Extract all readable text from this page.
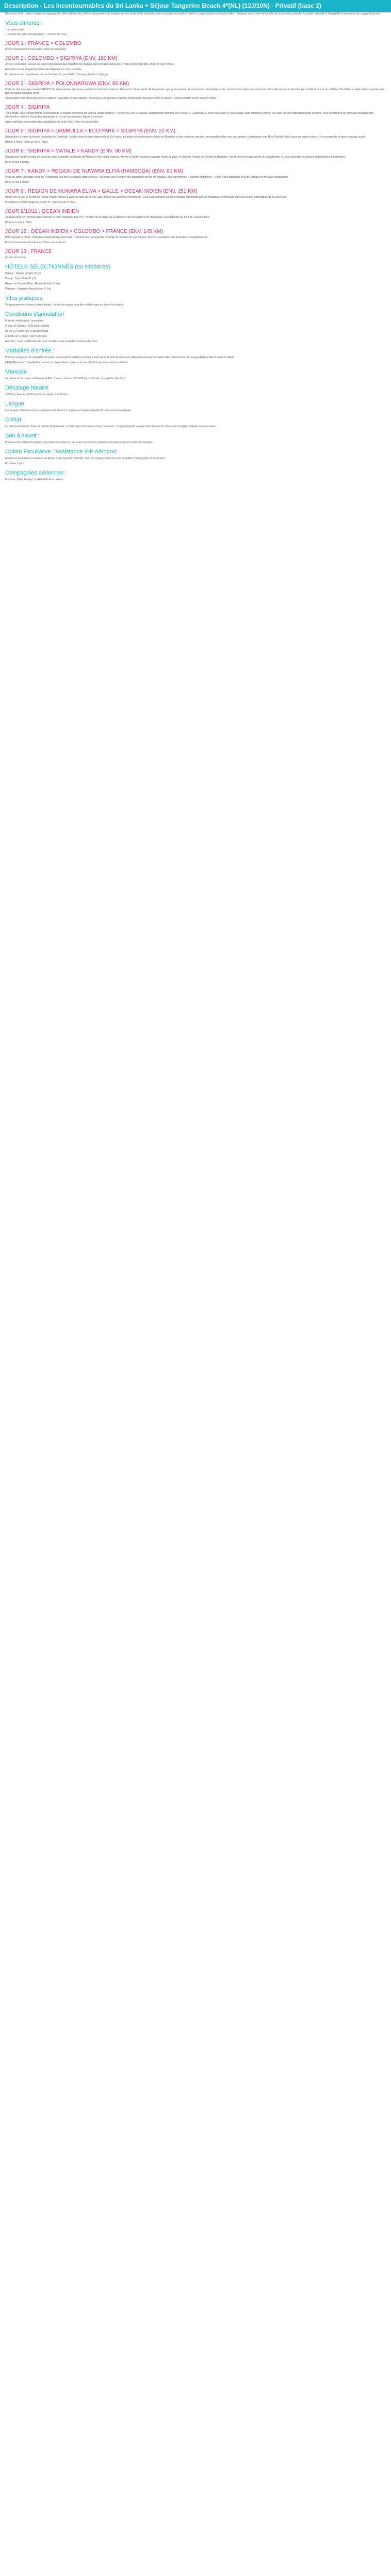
Description - Les incontournables du Sri Lanka + Séjour Tangerine Beach 4*(NL) (12J/10N) - Privatif (base 2)

Découvrez le Sri Lanka à travers un paysage de salles fraîche, des collines verdoyantes, de temples anciens et de forêts tropicales, une escapade incroyable à travers ce joyau tropical de l'océan Indien. Préparez-vous à être émerveillé par la richesse culturelle, la beauté naturelle et l'hospitalité chaleureuse de ce pays fascinant.

Vous aimerez :
- Le safari à Yala
- La visite des villes remarquables : « Rocher du Lion »
JOUR 1 : FRANCE > COLOMBO

Envol à destination du Sri Lanka. Dîner et nuit à bord.

JOUR 2 : COLOMBO > SIGIRIYA (ENV. 180 KM)

Arrivée à Colombo, accueil par votre représentant puis transfert vers Sigiriya (3h de route). Déjeuner à l'hôtel. Après-midi libre. Dîner et nuit à l'hôtel.

Exception et une supplément d'un petit déjeuner en cours de route.

En option et avec supplément en cas d'arrivée tôt, possibilité d'un early check-in à Sigiriya.

JOUR 3 - SIGIRIYA > POLONNARUWA (ENV. 60 KM)

Visite du site historique classé UNESCO de Polonnaruwa, deuxième capitale du Sri Lanka entre le 11ème et le 13ème siècle. Polonnaruwa regorge de statues, de monuments, de temples et de constructions religieuses anciennes. Vous découvrirez la Quadrangle, le Gal Vihara et ses célèbres Bouddhas sculptés dans le granit, ainsi que les ruines du palais royal.

Continuation vers Minneriya pour un safari en jeep dans le parc national, connu pour ses grands troupeaux d'éléphants sauvages (selon la saison). Retour à l'hôtel. Dîner et nuit à l'hôtel.

JOUR 4 : SIGIRIYA

Tôt le matin, vous entreprendrez l'ascension de la célèbre forteresse de Sigiriya (aussi nommée « Rocher du Lion »), classée au patrimoine mondial de l'UNESCO. Construite au 5ème siècle par le roi Kassapa, cette forteresse est l'un des sites les plus impressionnants du pays. Vous découvrirez les fameuses fresques des demoiselles célestes, les jardins aquatiques et la vue panoramique depuis le sommet.

Après-midi libre pour profiter des installations de votre hôtel. Dîner et nuit à l'hôtel.

JOUR 5 : SIGIRIYA > DAMBULLA > ECO PARK > SIGIRIYA (ENV. 20 KM)

Départ pour la visite du temple troglodyte de Dambulla, l'un des sites les plus importants du Sri Lanka, qui abrite de nombreuses statues de Bouddha et des peintures murales remarquables dans ses cinq grottes. Continuation vers l'Eco Park de Hurulu pour un safari en jeep à la rencontre de la faune sauvage locale.

Retour à l'hôtel. Dîner et nuit à l'hôtel.

JOUR 6 : SIGIRIYA > MATALE > KANDY (ENV. 90 KM)

Départ pour Kandy et visite en cours de route du temple hindouiste de Matale et d'un jardin d'épices. Arrivée à Kandy, ancienne capitale royale du pays, et visite du Temple de la Dent de Bouddha, l'un des lieux les plus sacrés du bouddhisme. Le soir, spectacle de danses traditionnelles kandyennes.

Dîner et nuit à l'hôtel.

JOUR 7 : KANDY > REGION DE NUWARA ELIYA (RAMBODA) (ENV. 80 KM)

Visite du jardin botanique royal de Peradeniya, l'un des plus beaux jardins d'Asie. Puis route vers la région des plantations de thé de Nuwara Eliya, surnommée « la petite Angleterre ». Visite d'une plantation et d'une fabrique de thé avec dégustation.

Dîner et nuit à l'hôtel.

JOUR 8 : REGION DE NUWARA ELIYA > GALLE > OCEAN INDIEN (ENV. 251 KM)

Route vers le sud et la côte de l'océan Indien. Arrivée à Galle et visite du fort de Galle, classé au patrimoine mondial de l'UNESCO, construit par les Portugais puis fortifié par les Hollandais. Promenade dans les ruelles pittoresques de la vieille ville.

Installation à l'hôtel Tangerine Beach 4*. Dîner et nuit à l'hôtel.

JOUR 9/10/11 : OCEAN INDIEN

Journées libres en formule demi-pension à l'hôtel Tangerine Beach 4*. Profitez de la plage, de la piscine et des installations de l'hôtel pour vous détendre au bord de l'océan Indien.

Dîners et nuits à l'hôtel.

JOUR 12 : OCEAN INDIEN > COLOMBO > FRANCE (ENV. 145 KM)

Petit déjeuner à l'hôtel. Chambre à disposition jusqu'à midi. Transfert vers l'aéroport de Colombo en fonction de vos horaires de vol et assistance aux formalités d'enregistrement.

Envol à destination de la France. Dîner et nuit à bord.

JOUR 13 : FRANCE

Arrivée en France.

HÔTELS SÉLECTIONNÉS (ou similaires)

Sigiriya : Sigiriya Jungles 4* (nl)

Kandy : Topaz Hotel 4* (nl)

Région de Nuwara Eliya : Ramboda Falls 3* (nl)

Waduwa : Tangerine Beach Hotel 4* (nl)

Infos pratiques

Ce programme est donné à titre indicatif. L'ordre des visites peut être modifié sans en altérer le contenu.

Conditions d'annulation

Frais de modification / annulation :

À plus de 30 jours : 20% du prix global

De 30 à 21 jours : 50 % du prix global

À moins de 21 jours : 100 % de frais

Attention : toute modification de nom, de date ou de prestation entraîne des frais.

Modalités d'entrée :

Pour les voyageurs de nationalité française, un passeport valable au moins 6 mois après la date de retour est obligatoire ainsi qu'une autorisation électronique de voyage (ETA) à obtenir avant le départ.

L'ETA (Electronic Travel Authorization) est disponible en ligne sur le site officiel du gouvernement sri-lankais.

Monnaie

La devise est la roupie sri-lankaise (LKR). 1 euro = environ 330 LKR (taux indicatif, susceptible d'évoluer).

Décalage horaire

+3h30 en hiver et +4h30 en été par rapport à la France.

Langue

Les langues officielles sont le cinghalais et le tamoul. L'anglais est largement parlé dans les zones touristiques.

Climat

Le climat est tropical, chaud et humide toute l'année. Le Sri Lanka est soumis à deux moussons, ce qui permet de voyager toute l'année en choisissant la région adaptée selon la saison.

Bon à savoir :

Prévoyez des vêtements légers, une protection solaire et une tenue couvrant les épaules et les genoux pour la visite des temples.

Option Facultative : Assistance VIP Aéroport

Accueil personnalisé à l'arrivée et au départ à l'aéroport de Colombo, avec accompagnement lors des formalités d'immigration et de douane.

Prix base 2 pers.

Compagnies aériennes :

Emirates, Qatar Airways, Turkish Airlines ou autres.
